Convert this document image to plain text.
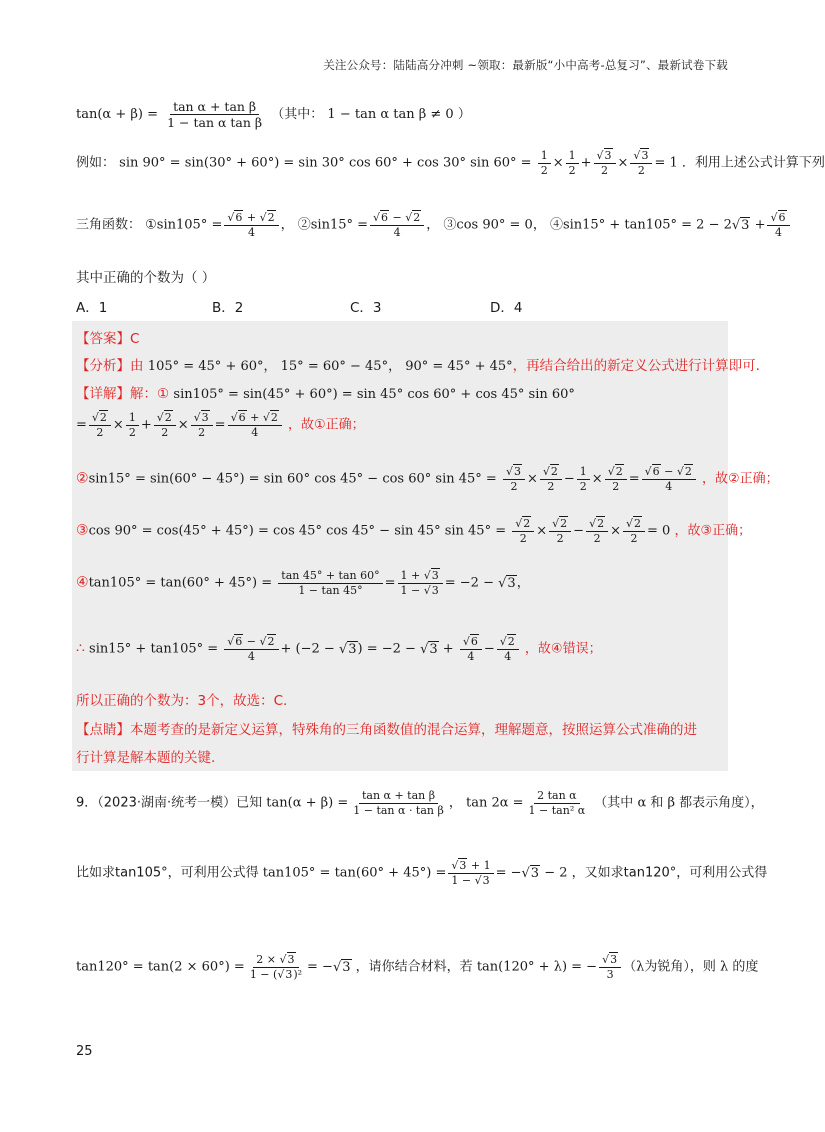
关注公众号：陆陆高分冲刺 ~领取：最新版“小中高考-总复习”、最新试卷下载
$\tan(\alpha + \beta) = \frac{\text{tan α + tan β}}{\text{1 − tan α tan β}}$ （其中： 1 − tan α tan β ≠ 0 ）
例如： sin 90° = sin(30° + 60°) = sin 30° cos 60° + cos 30° $\sin 60^\circ = \frac{1}{2} \times \frac{1}{2}$ + √ $\frac{3}{2}$ × √ $\frac{3}{2} = 1$ ．利用上述公式计算下列
三角函数： ①sin105° = √ $\frac{6 + √ 2}{4}$ ， ②sin15° = √ $\frac{6 - √ 2}{4}$ ， ③cos 90° = 0， ④sin15° + tan105° = 2 − 2 √ 3 + √ $\frac{6}{4}$
其中正确的个数为（ ）
A．1	B．2	C．3	D．4
【答案】C
【分析】由 105° = 45° + 60°， 15° = 60° − 45°， 90° = 45° + 45°，再结合给出的新定义公式进行计算即可.
【详解】解：① sin105° = sin(45° + 60°) = sin 45° cos 60° + cos 45° sin 60°
= √ $\frac{2}{2} \times \frac{1}{2}$ + √ $\frac{2}{2}$ × √ $\frac{3}{2}$ = √ $\frac{6 + √ 2}{4}$ ，故①正确；
②sin15° = sin(60° − 45°) = sin 60° cos 45° − cos 60° sin 45° = √ $\frac{3}{2}$ × √ $\frac{2}{2} - \frac{1}{2}$ × √ $\frac{2}{2}$ = √ $\frac{6 - √ 2}{4}$ ，故②正确；
③cos 90° = cos(45° + 45°) = cos 45° cos 45° − sin 45° sin 45° = √ $\frac{2}{2}$ × √ $\frac{2}{2}$ − √ $\frac{2}{2}$ × √ $\frac{2}{2} = 0$ ，故③正确；
④tan105° = $\tan(60^\circ + 45^\circ) = \frac{\tan 45^\circ + \tan 60^\circ}{1 - \tan 45^\circ} = \frac{1 + √ 3}{1 - √ 3} = -2$ − √ 3，
∴ sin15° + tan105° = √ $\frac{6 - √ 2}{4} + (-2$ − √ 3) = −2 − √ 3 + √ $\frac{6}{4}$ − √ $\frac{2}{4}$ ，故④错误；
所以正确的个数为：3个，故选：C.
【点睛】本题考查的是新定义运算，特殊角的三角函数值的混合运算，理解题意，按照运算公式准确的进
行计算是解本题的关键.
9．（2023·湖南·统考一模）已知 $\tan(\alpha + \beta) = \frac{\text{tan α + tan β}}{\text{1 − tan α · tan β}}$ ， $\tan 2\alpha = \frac{\text{2 tan α}}{\text{1 − tan² α}}$ （其中 α 和 β 都表示角度），
比如求tan105°，可利用公式得 tan105° = tan(60° + 45°) = √ $\frac{3 + 1}{1 - √ 3}$ = − √ 3 − 2 ，又如求tan120°，可利用公式得
$\tan 120^\circ = \tan(2 \times 60^\circ) = \frac{2 \times √ 3}{\text{1 − ( √ 3)²}}$ = − √ 3 ，请你结合材料，若 tan(120° + λ) = − √ $\frac{3}{3} (\lambda$为锐角），则 λ 的度
25
